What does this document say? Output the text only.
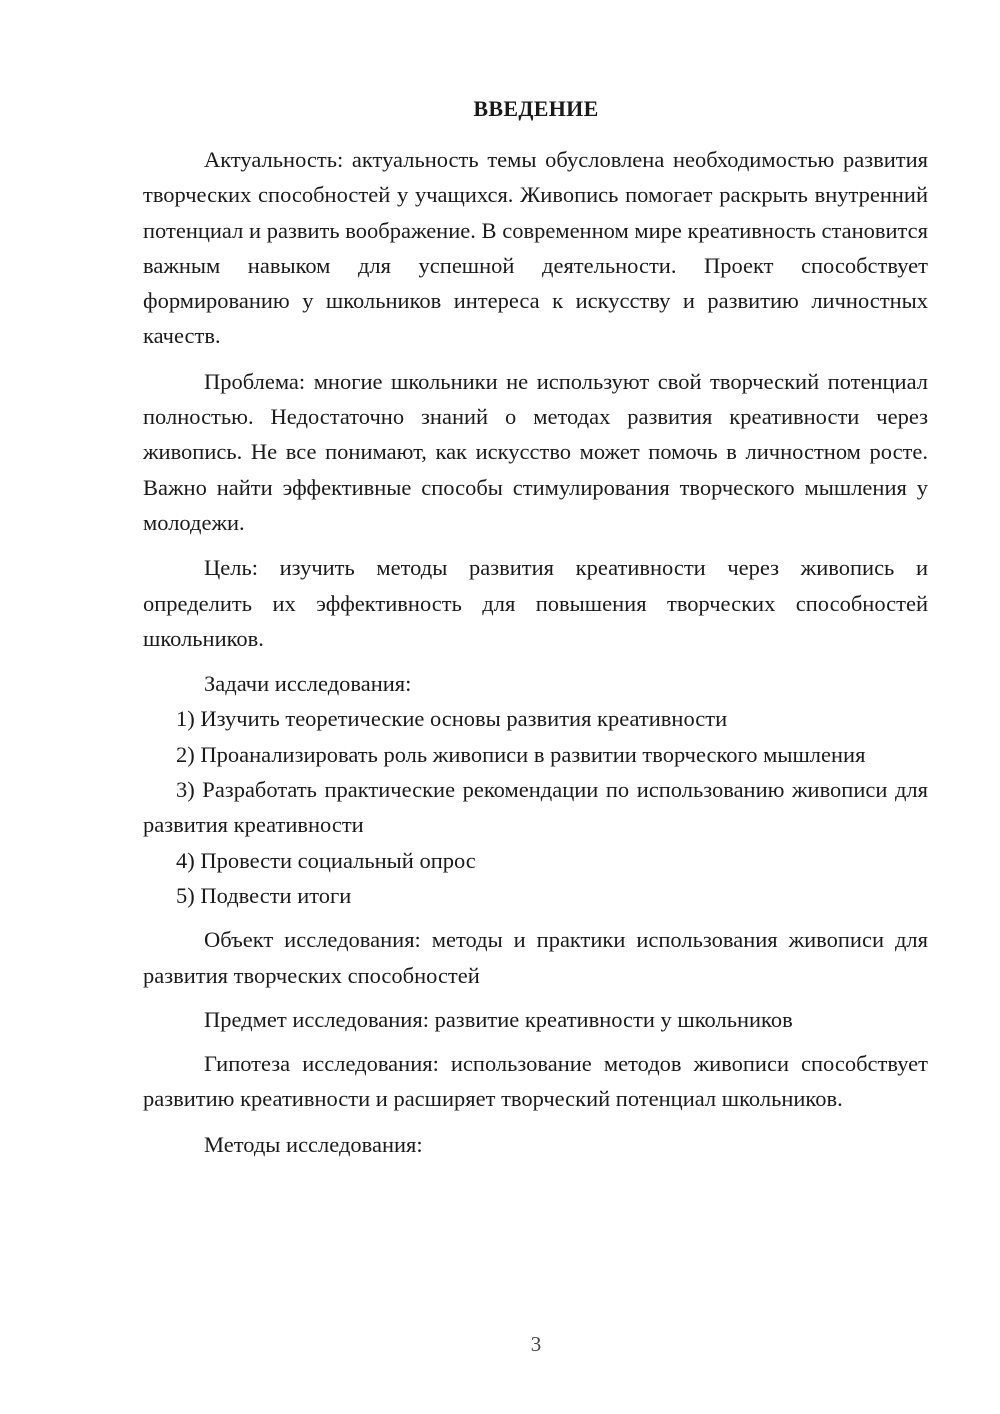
ВВЕДЕНИЕ

Актуальность: актуальность темы обусловлена необходимостью развития творческих способностей у учащихся. Живопись помогает раскрыть внутренний потенциал и развить воображение. В современном мире креативность становится важным навыком для успешной деятельности. Проект способствует формированию у школьников интереса к искусству и развитию личностных качеств.

Проблема: многие школьники не используют свой творческий потенциал полностью. Недостаточно знаний о методах развития креативности через живопись. Не все понимают, как искусство может помочь в личностном росте. Важно найти эффективные способы стимулирования творческого мышления у молодежи.

Цель: изучить методы развития креативности через живопись и определить их эффективность для повышения творческих способностей школьников.

Задачи исследования:

1) Изучить теоретические основы развития креативности

2) Проанализировать роль живописи в развитии творческого мышления

3) Разработать практические рекомендации по использованию живописи для развития креативности

4) Провести социальный опрос

5) Подвести итоги

Объект исследования: методы и практики использования живописи для развития творческих способностей

Предмет исследования: развитие креативности у школьников

Гипотеза исследования: использование методов живописи способствует развитию креативности и расширяет творческий потенциал школьников.

Методы исследования:

3
